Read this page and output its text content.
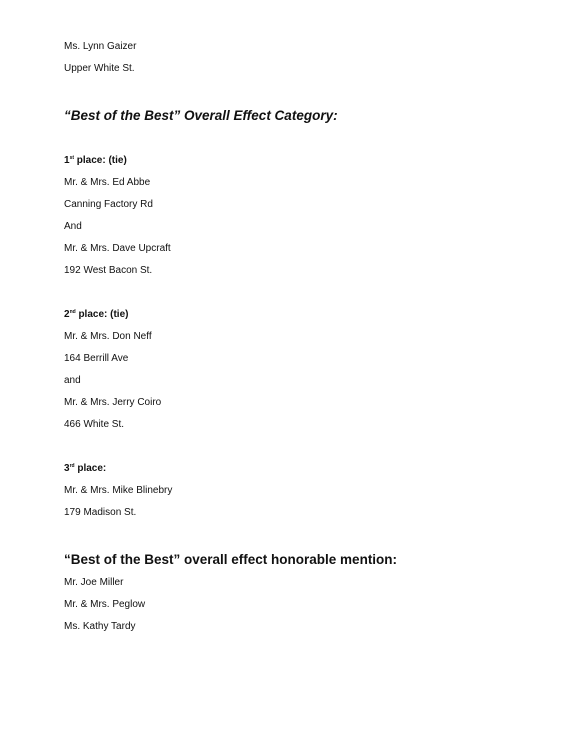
Ms. Lynn Gaizer
Upper White St.
“Best of the Best” Overall Effect Category:
1st place: (tie)
Mr. & Mrs. Ed Abbe
Canning Factory Rd
And
Mr. & Mrs. Dave Upcraft
192 West Bacon St.
2nd place: (tie)
Mr. & Mrs. Don Neff
164 Berrill Ave
and
Mr. & Mrs. Jerry Coiro
466 White St.
3rd place:
Mr. & Mrs. Mike Blinebry
179 Madison St.
“Best of the Best” overall effect honorable mention:
Mr. Joe Miller
Mr. & Mrs. Peglow
Ms. Kathy Tardy
